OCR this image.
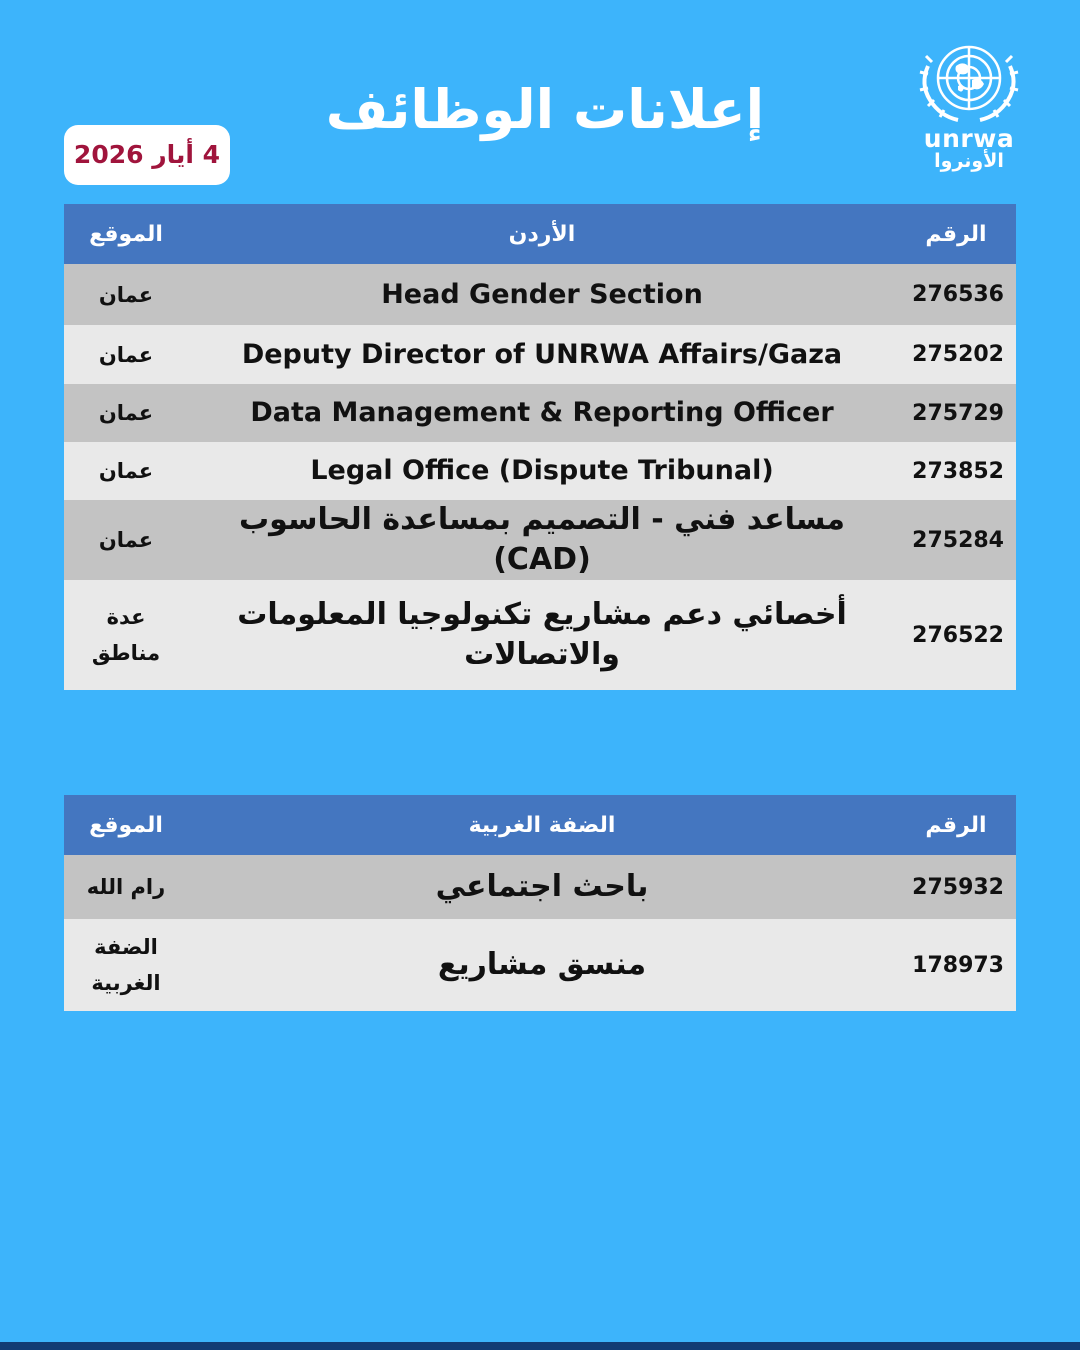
إعلانات الوظائف
4 أيار 2026
unrwa
الأونروا
الموقع	الأردن	الرقم
عمان	Head Gender Section	276536
عمان	Deputy Director of UNRWA Affairs/Gaza	275202
عمان	Data Management & Reporting Officer	275729
عمان	Legal Office (Dispute Tribunal)	273852
عمان	مساعد فني - التصميم بمساعدة الحاسوب (CAD)	275284
عدة مناطق	أخصائي دعم مشاريع تكنولوجيا المعلومات والاتصالات	276522
الموقع	الضفة الغربية	الرقم
رام الله	باحث اجتماعي	275932
الضفة الغربية	منسق مشاريع	178973
